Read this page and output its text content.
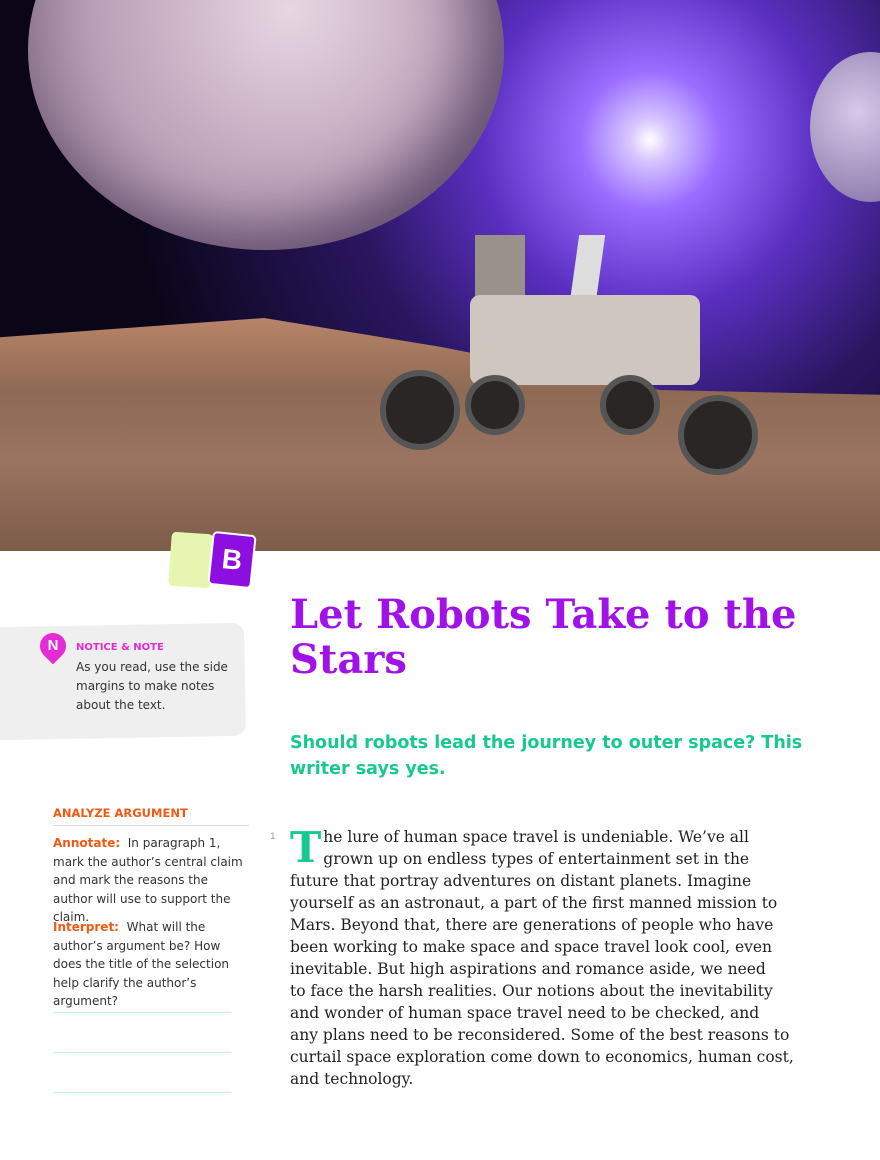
B
N	NOTICE & NOTE
As you read, use the side margins to make notes about the text.
Let Robots Take to the Stars
Should robots lead the journey to outer space? This writer says yes.
ANALYZE ARGUMENT
Annotate: In paragraph 1, mark the author’s central claim and mark the reasons the author will use to support the claim.
Interpret: What will the author’s argument be? How does the title of the selection help clarify the author’s argument?
1 T he lure of human space travel is undeniable. We’ve all
grown up on endless types of entertainment set in the
future that portray adventures on distant planets. Imagine
yourself as an astronaut, a part of the first manned mission to
Mars. Beyond that, there are generations of people who have
been working to make space and space travel look cool, even
inevitable. But high aspirations and romance aside, we need
to face the harsh realities. Our notions about the inevitability
and wonder of human space travel need to be checked, and
any plans need to be reconsidered. Some of the best reasons to
curtail space exploration come down to economics, human cost,
and technology.
